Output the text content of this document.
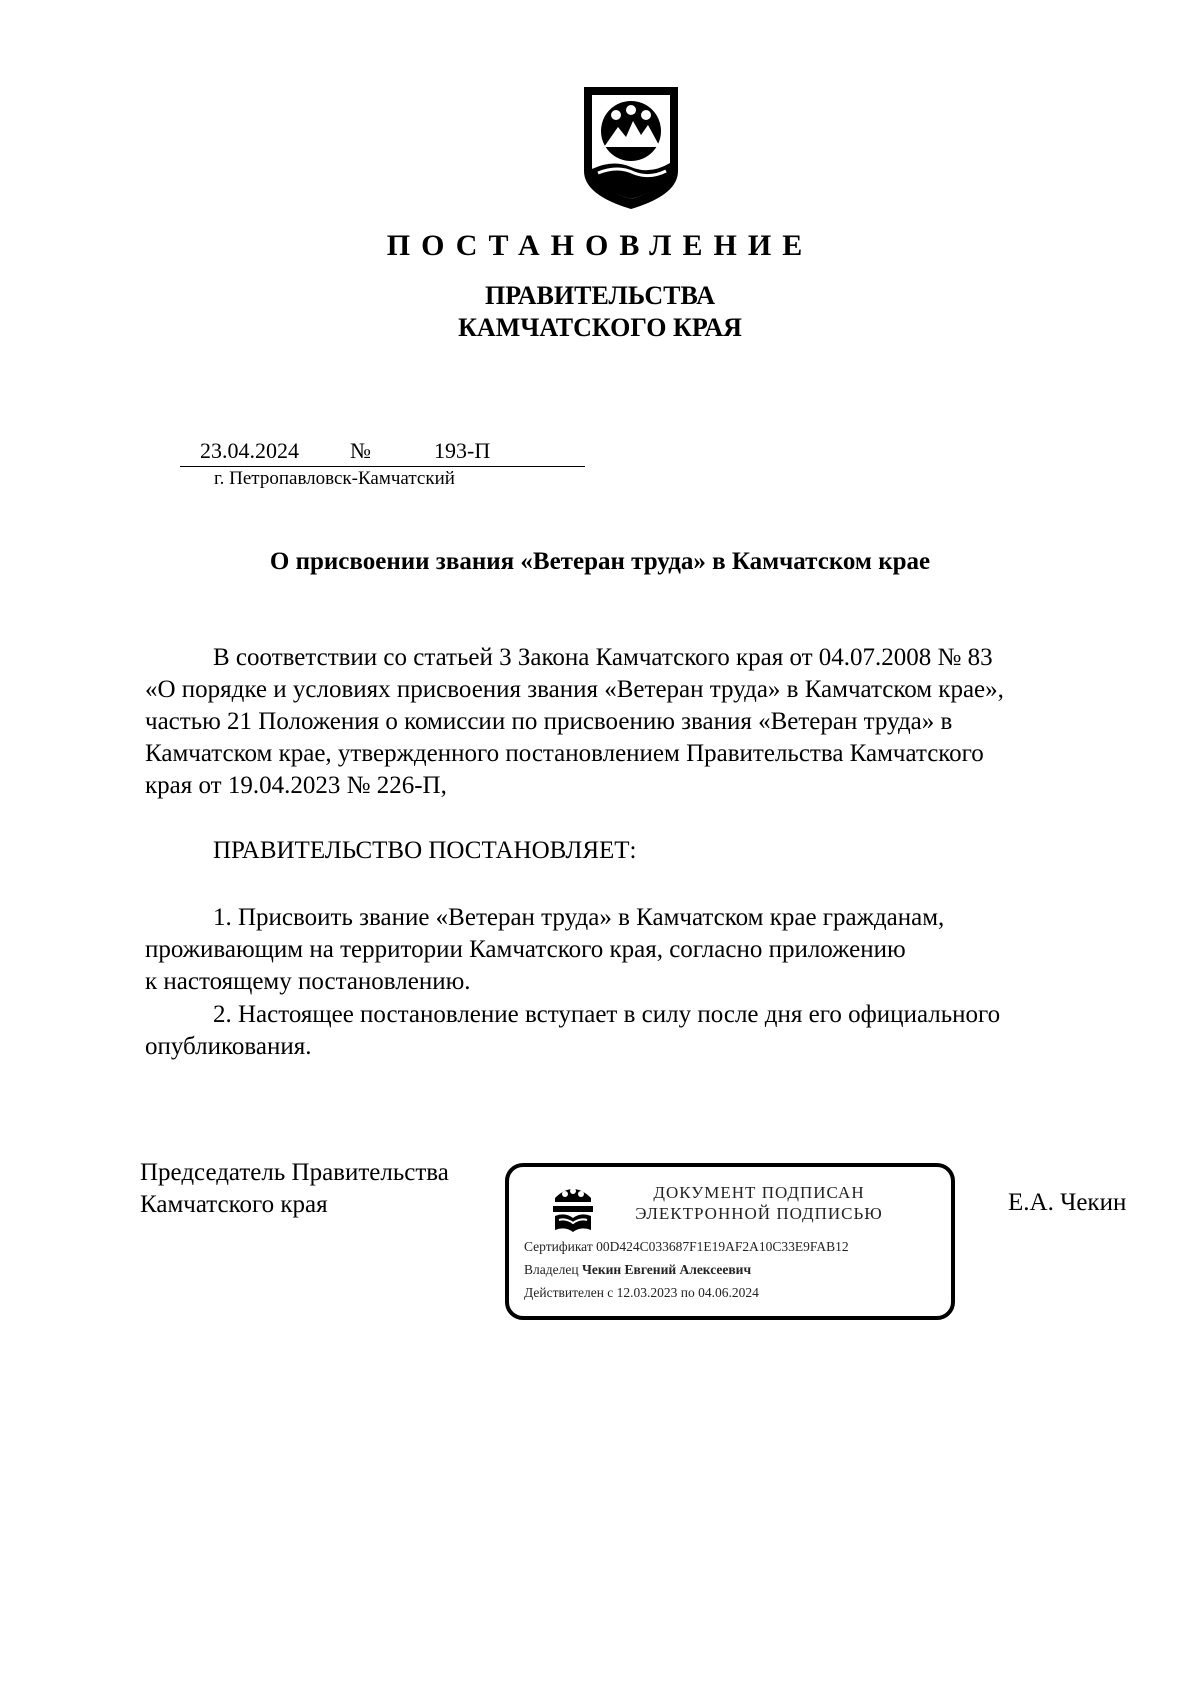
ПОСТАНОВЛЕНИЕ
ПРАВИТЕЛЬСТВА
КАМЧАТСКОГО КРАЯ
23.04.2024 №	193-П
г. Петропавловск-Камчатский
О присвоении звания «Ветеран труда» в Камчатском крае
В соответствии со статьей 3 Закона Камчатского края от 04.07.2008 № 83
«О порядке и условиях присвоения звания «Ветеран труда» в Камчатском крае»,
частью 21 Положения о комиссии по присвоению звания «Ветеран труда» в
Камчатском крае, утвержденного постановлением Правительства Камчатского
края от 19.04.2023 № 226-П,
ПРАВИТЕЛЬСТВО ПОСТАНОВЛЯЕТ:
1. Присвоить звание «Ветеран труда» в Камчатском крае гражданам,
проживающим на территории Камчатского края, согласно приложению
к настоящему постановлению.
2. Настоящее постановление вступает в силу после дня его официального
опубликования.
Председатель Правительства
Камчатского края	Е.А. Чекин
ДОКУМЕНТ ПОДПИСАН
ЭЛЕКТРОННОЙ ПОДПИСЬЮ
Сертификат 00D424C033687F1E19AF2A10C33E9FAB12
Владелец Чекин Евгений Алексеевич
Действителен с 12.03.2023 по 04.06.2024
